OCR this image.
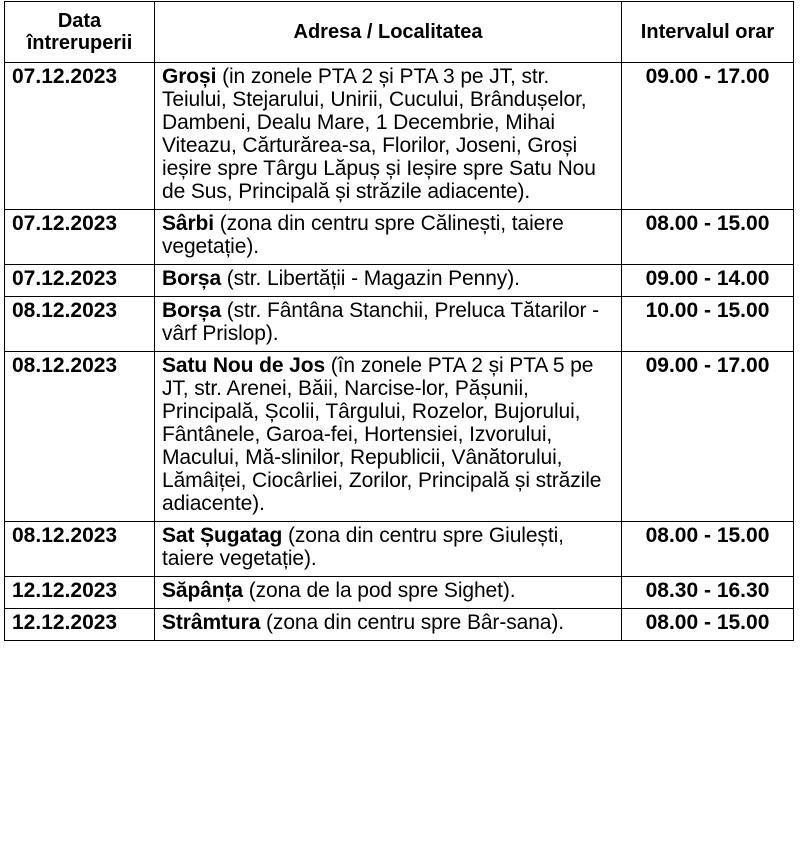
Data întreruperii	Adresa / Localitatea	Intervalul orar
07.12.2023	Groși (in zonele PTA 2 și PTA 3 pe JT, str. Teiului, Stejarului, Unirii, Cucului, Brândușelor, Dambeni, Dealu Mare, 1 Decembrie, Mihai Viteazu, Cărturărea-sa, Florilor, Joseni, Groși ieșire spre Târgu Lăpuș și Ieșire spre Satu Nou de Sus, Principală și străzile adiacente).	09.00 - 17.00
07.12.2023	Sârbi (zona din centru spre Călinești, taiere vegetație).	08.00 - 15.00
07.12.2023	Borșa (str. Libertății - Magazin Penny).	09.00 - 14.00
08.12.2023	Borșa (str. Fântâna Stanchii, Preluca Tătarilor - vârf Prislop).	10.00 - 15.00
08.12.2023	Satu Nou de Jos (în zonele PTA 2 și PTA 5 pe JT, str. Arenei, Băii, Narcise-lor, Pășunii, Principală, Școlii, Târgului, Rozelor, Bujorului, Fântânele, Garoa-fei, Hortensiei, Izvorului, Macului, Mă-slinilor, Republicii, Vânătorului, Lămâiței, Ciocârliei, Zorilor, Principală și străzile adiacente).	09.00 - 17.00
08.12.2023	Sat Șugatag (zona din centru spre Giulești, taiere vegetație).	08.00 - 15.00
12.12.2023	Săpânța (zona de la pod spre Sighet).	08.30 - 16.30
12.12.2023	Strâmtura (zona din centru spre Bâr-sana).	08.00 - 15.00
